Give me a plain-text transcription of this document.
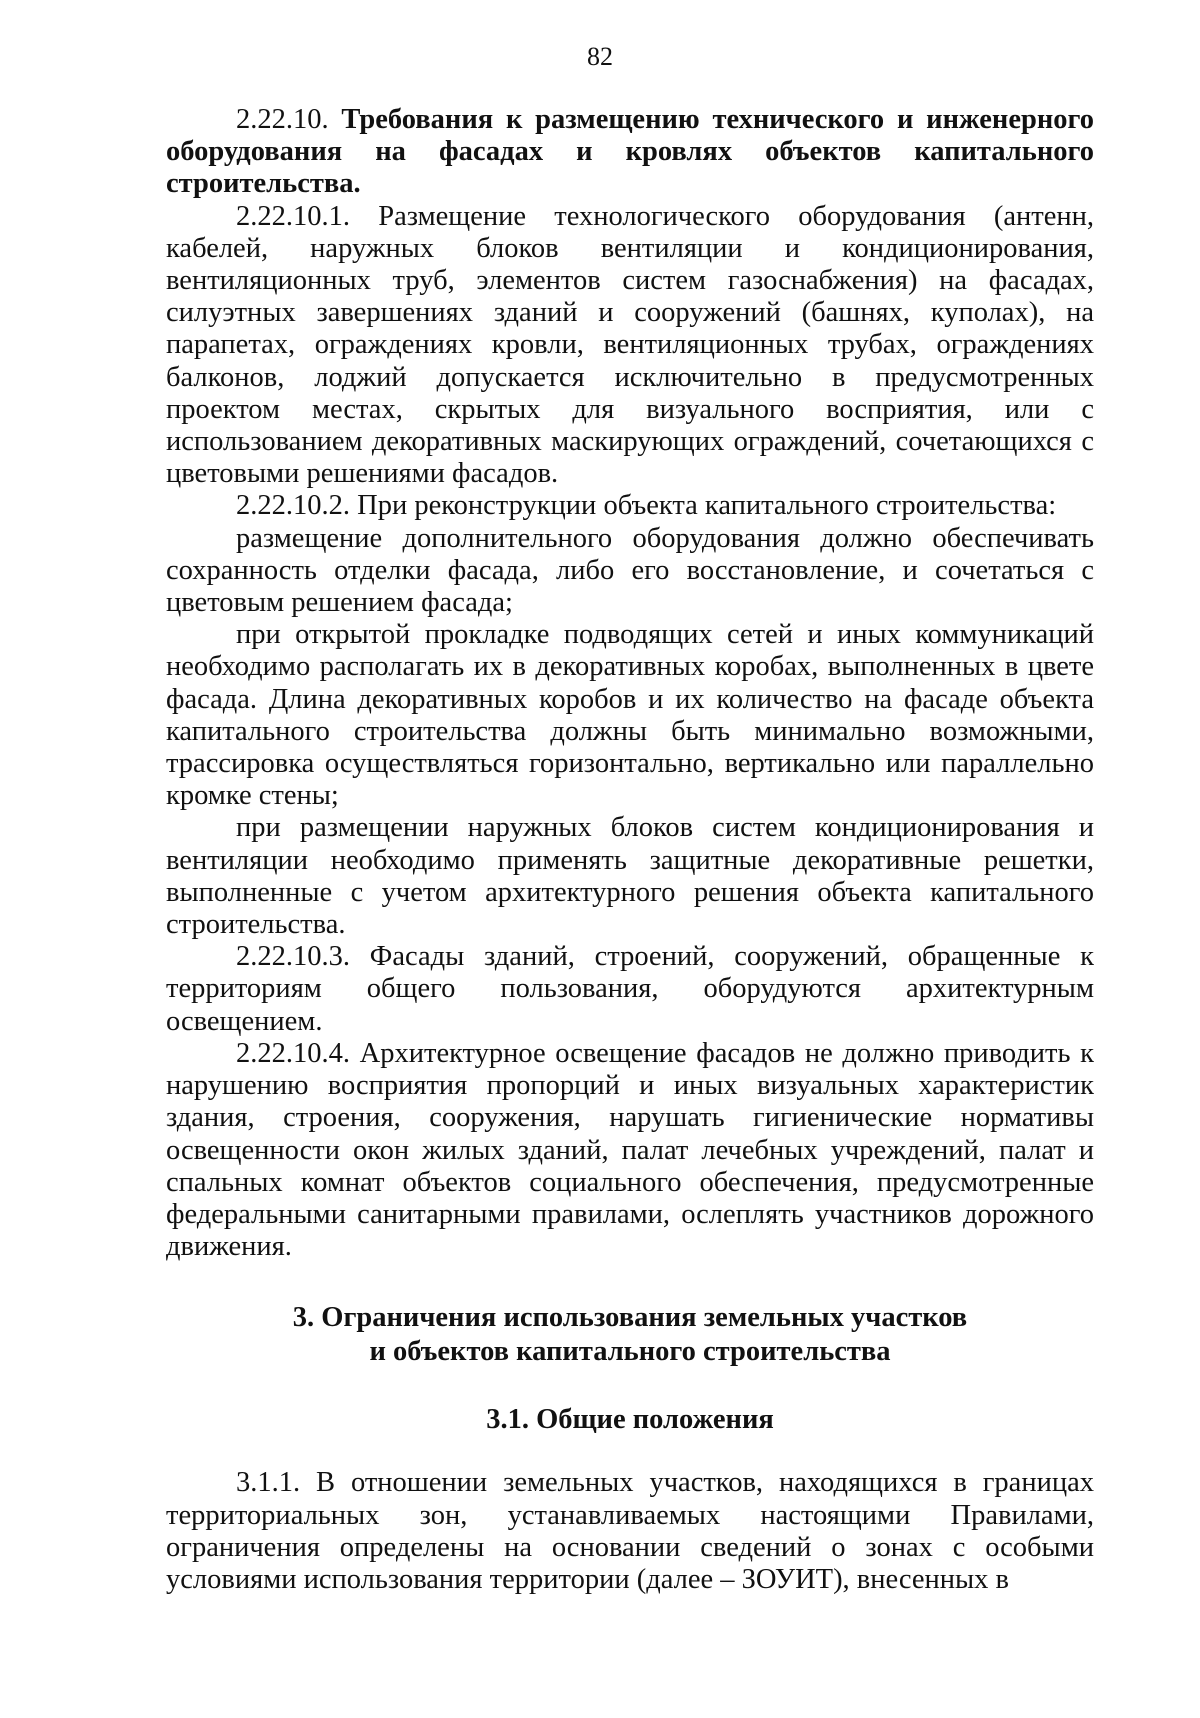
82

2.22.10. Требования к размещению технического и инженерного оборудования на фасадах и кровлях объектов капитального строительства.

2.22.10.1. Размещение технологического оборудования (антенн, кабелей, наружных блоков вентиляции и кондиционирования, вентиляционных труб, элементов систем газоснабжения) на фасадах, силуэтных завершениях зданий и сооружений (башнях, куполах), на парапетах, ограждениях кровли, вентиляционных трубах, ограждениях балконов, лоджий допускается исключительно в предусмотренных проектом местах, скрытых для визуального восприятия, или с использованием декоративных маскирующих ограждений, сочетающихся с цветовыми решениями фасадов.

2.22.10.2. При реконструкции объекта капитального строительства:

размещение дополнительного оборудования должно обеспечивать сохранность отделки фасада, либо его восстановление, и сочетаться с цветовым решением фасада;

при открытой прокладке подводящих сетей и иных коммуникаций необходимо располагать их в декоративных коробах, выполненных в цвете фасада. Длина декоративных коробов и их количество на фасаде объекта капитального строительства должны быть минимально возможными, трассировка осуществляться горизонтально, вертикально или параллельно кромке стены;

при размещении наружных блоков систем кондиционирования и вентиляции необходимо применять защитные декоративные решетки, выполненные с учетом архитектурного решения объекта капитального строительства.

2.22.10.3. Фасады зданий, строений, сооружений, обращенные к территориям общего пользования, оборудуются архитектурным освещением.

2.22.10.4. Архитектурное освещение фасадов не должно приводить к нарушению восприятия пропорций и иных визуальных характеристик здания, строения, сооружения, нарушать гигиенические нормативы освещенности окон жилых зданий, палат лечебных учреждений, палат и спальных комнат объектов социального обеспечения, предусмотренные федеральными санитарными правилами, ослеплять участников дорожного движения.

3. Ограничения использования земельных участков
и объектов капитального строительства
3.1. Общие положения

3.1.1. В отношении земельных участков, находящихся в границах территориальных зон, устанавливаемых настоящими Правилами, ограничения определены на основании сведений о зонах с особыми условиями использования территории (далее – ЗОУИТ), внесенных в
